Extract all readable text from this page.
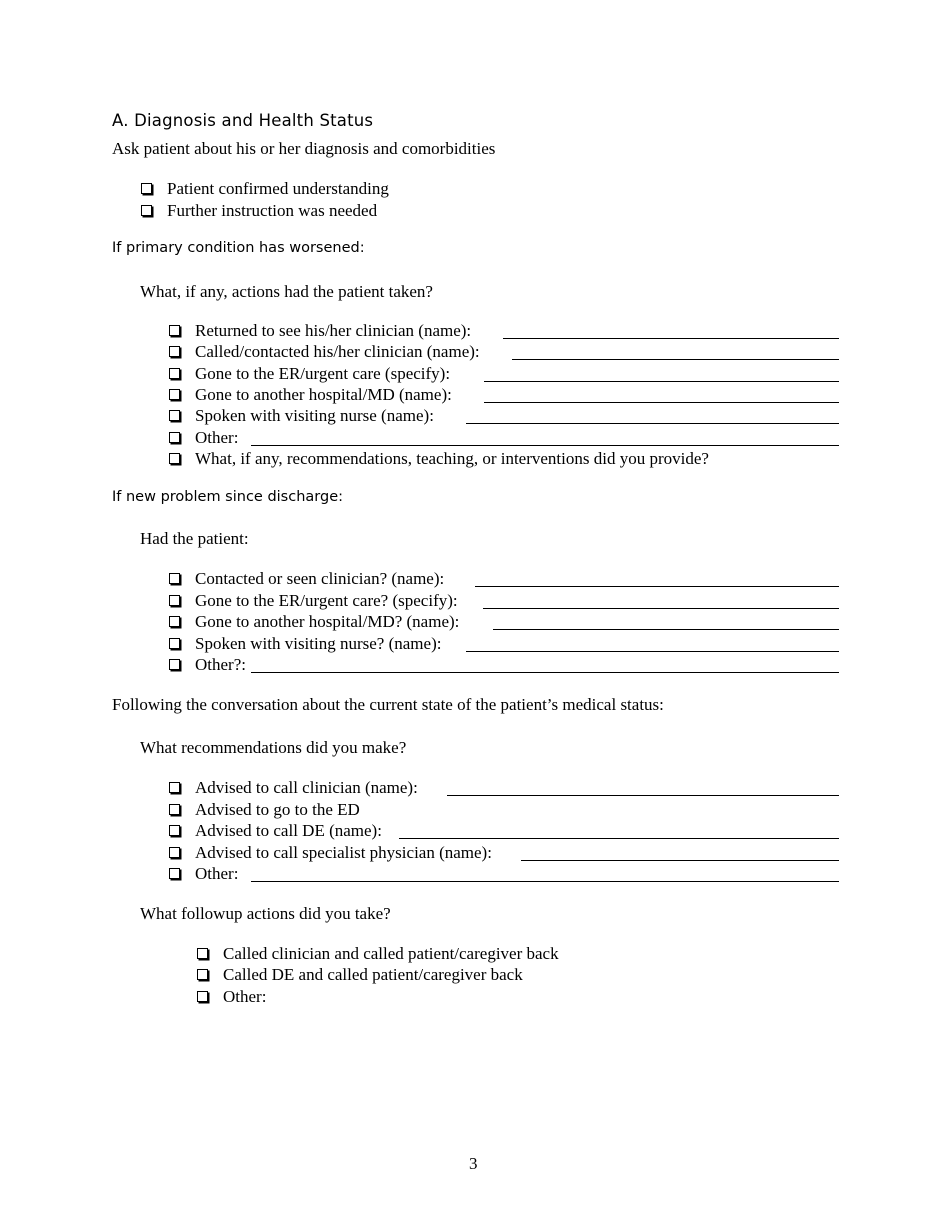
A. Diagnosis and Health Status
Ask patient about his or her diagnosis and comorbidities
Patient confirmed understanding
Further instruction was needed
If primary condition has worsened:
What, if any, actions had the patient taken?
Returned to see his/her clinician (name):
Called/contacted his/her clinician (name):
Gone to the ER/urgent care (specify):
Gone to another hospital/MD (name):
Spoken with visiting nurse (name):
Other:
What, if any, recommendations, teaching, or interventions did you provide?
If new problem since discharge:
Had the patient:
Contacted or seen clinician? (name):
Gone to the ER/urgent care? (specify):
Gone to another hospital/MD? (name):
Spoken with visiting nurse? (name):
Other?:
Following the conversation about the current state of the patient’s medical status:
What recommendations did you make?
Advised to call clinician (name):
Advised to go to the ED
Advised to call DE (name):
Advised to call specialist physician (name):
Other:
What followup actions did you take?
Called clinician and called patient/caregiver back
Called DE and called patient/caregiver back
Other:
3
